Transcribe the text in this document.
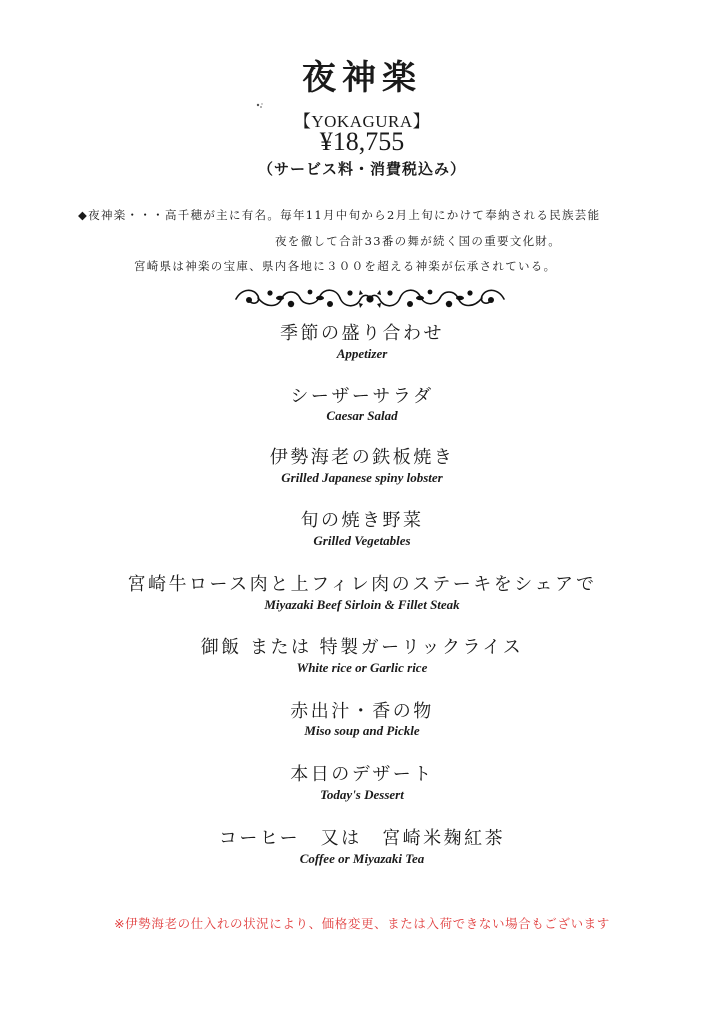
夜神楽
【YOKAGURA】
¥18,755
（サービス料・消費税込み）
◆夜神楽・・・高千穂が主に有名。毎年11月中旬から2月上旬にかけて奉納される民族芸能
夜を徹して合計33番の舞が続く国の重要文化財。
宮崎県は神楽の宝庫、県内各地に３００を超える神楽が伝承されている。
季節の盛り合わせ
Appetizer
シーザーサラダ
Caesar Salad
伊勢海老の鉄板焼き
Grilled Japanese spiny lobster
旬の焼き野菜
Grilled Vegetables
宮崎牛ロース肉と上フィレ肉のステーキをシェアで
Miyazaki Beef Sirloin & Fillet Steak
御飯 または 特製ガーリックライス
White rice or Garlic rice
赤出汁・香の物
Miso soup and Pickle
本日のデザート
Today's Dessert
コーヒー　又は　宮崎米麹紅茶
Coffee or Miyazaki Tea
※伊勢海老の仕入れの状況により、価格変更、または入荷できない場合もございます
